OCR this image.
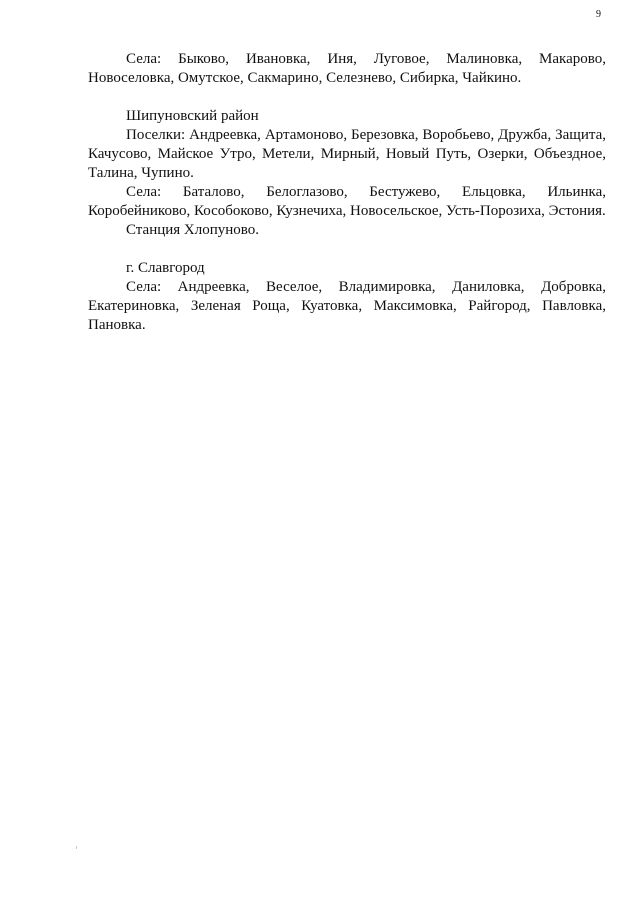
9

Села: Быково, Ивановка, Иня, Луговое, Малиновка, Макарово, Новоселовка, Омутское, Сакмарино, Селезнево, Сибирка, Чайкино.

Шипуновский район

Поселки: Андреевка, Артамоново, Березовка, Воробьево, Дружба, Защита, Качусово, Майское Утро, Метели, Мирный, Новый Путь, Озерки, Объездное, Талина, Чупино.

Села: Баталово, Белоглазово, Бестужево, Ельцовка, Ильинка, Коробейниково, Кособоково, Кузнечиха, Новосельское, Усть-Порозиха, Эстония.

Станция Хлопуново.

г. Славгород

Села: Андреевка, Веселое, Владимировка, Даниловка, Добровка, Екатериновка, Зеленая Роща, Куатовка, Максимовка, Райгород, Павловка, Пановка.
